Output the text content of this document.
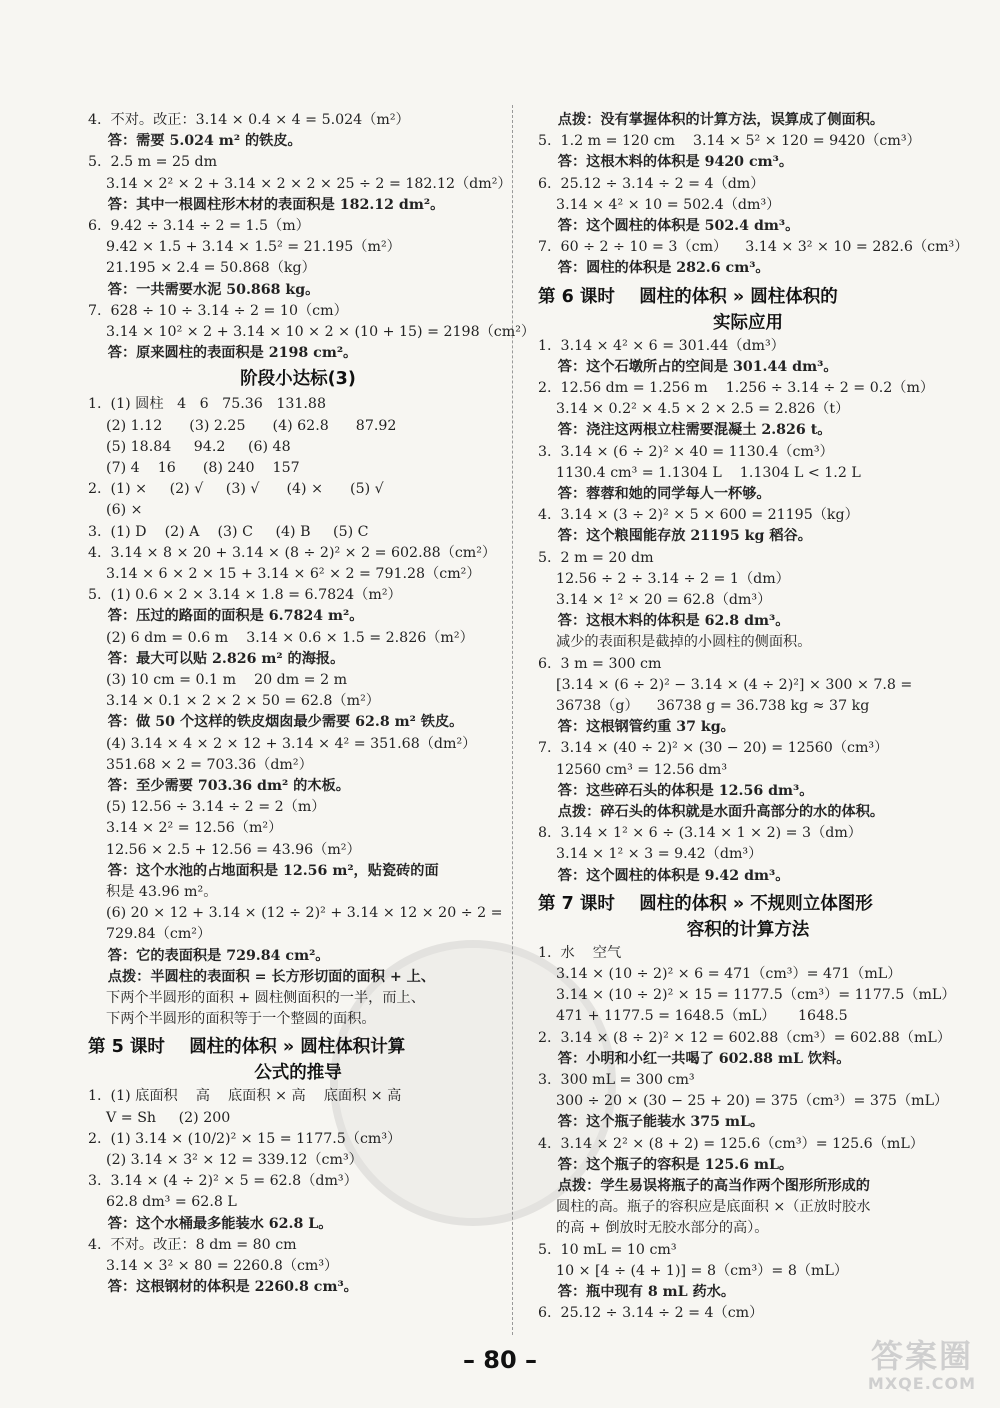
4.  不对。改正：3.14 × 0.4 × 4 = 5.024（m²）
答：需要 5.024 m² 的铁皮。
5.  2.5 m = 25 dm
3.14 × 2² × 2 + 3.14 × 2 × 2 × 25 ÷ 2 = 182.12（dm²）
答：其中一根圆柱形木材的表面积是 182.12 dm²。
6.  9.42 ÷ 3.14 ÷ 2 = 1.5（m）
9.42 × 1.5 + 3.14 × 1.5² = 21.195（m²）
21.195 × 2.4 = 50.868（kg）
答：一共需要水泥 50.868 kg。
7.  628 ÷ 10 ÷ 3.14 ÷ 2 = 10（cm）
3.14 × 10² × 2 + 3.14 × 10 × 2 × (10 + 15) = 2198（cm²）
答：原来圆柱的表面积是 2198 cm²。
阶段小达标(3)
1.  (1) 圆柱   4   6   75.36   131.88
(2) 1.12      (3) 2.25      (4) 62.8      87.92
(5) 18.84     94.2     (6) 48
(7) 4    16      (8) 240    157
2.  (1) ×     (2) √     (3) √      (4) ×      (5) √
(6) ×
3.  (1) D    (2) A    (3) C     (4) B     (5) C
4.  3.14 × 8 × 20 + 3.14 × (8 ÷ 2)² × 2 = 602.88（cm²）
3.14 × 6 × 2 × 15 + 3.14 × 6² × 2 = 791.28（cm²）
5.  (1) 0.6 × 2 × 3.14 × 1.8 = 6.7824（m²）
答：压过的路面的面积是 6.7824 m²。
(2) 6 dm = 0.6 m    3.14 × 0.6 × 1.5 = 2.826（m²）
答：最大可以贴 2.826 m² 的海报。
(3) 10 cm = 0.1 m    20 dm = 2 m
3.14 × 0.1 × 2 × 2 × 50 = 62.8（m²）
答：做 50 个这样的铁皮烟囱最少需要 62.8 m² 铁皮。
(4) 3.14 × 4 × 2 × 12 + 3.14 × 4² = 351.68（dm²）
351.68 × 2 = 703.36（dm²）
答：至少需要 703.36 dm² 的木板。
(5) 12.56 ÷ 3.14 ÷ 2 = 2（m）
3.14 × 2² = 12.56（m²）
12.56 × 2.5 + 12.56 = 43.96（m²）
答：这个水池的占地面积是 12.56 m²，贴瓷砖的面
积是 43.96 m²。
(6) 20 × 12 + 3.14 × (12 ÷ 2)² + 3.14 × 12 × 20 ÷ 2 =
729.84（cm²）
答：它的表面积是 729.84 cm²。
点拨：半圆柱的表面积 = 长方形切面的面积 + 上、
下两个半圆形的面积 + 圆柱侧面积的一半，而上、
下两个半圆形的面积等于一个整圆的面积。
第 5 课时    圆柱的体积 » 圆柱体积计算
公式的推导
1.  (1) 底面积    高    底面积 × 高    底面积 × 高
V = Sh     (2) 200
2.  (1) 3.14 × (10/2)² × 15 = 1177.5（cm³）
(2) 3.14 × 3² × 12 = 339.12（cm³）
3.  3.14 × (4 ÷ 2)² × 5 = 62.8（dm³）
62.8 dm³ = 62.8 L
答：这个水桶最多能装水 62.8 L。
4.  不对。改正：8 dm = 80 cm
3.14 × 3² × 80 = 2260.8（cm³）
答：这根钢材的体积是 2260.8 cm³。
点拨：没有掌握体积的计算方法，误算成了侧面积。
5.  1.2 m = 120 cm    3.14 × 5² × 120 = 9420（cm³）
答：这根木料的体积是 9420 cm³。
6.  25.12 ÷ 3.14 ÷ 2 = 4（dm）
3.14 × 4² × 10 = 502.4（dm³）
答：这个圆柱的体积是 502.4 dm³。
7.  60 ÷ 2 ÷ 10 = 3（cm）    3.14 × 3² × 10 = 282.6（cm³）
答：圆柱的体积是 282.6 cm³。
第 6 课时    圆柱的体积 » 圆柱体积的
实际应用
1.  3.14 × 4² × 6 = 301.44（dm³）
答：这个石墩所占的空间是 301.44 dm³。
2.  12.56 dm = 1.256 m    1.256 ÷ 3.14 ÷ 2 = 0.2（m）
3.14 × 0.2² × 4.5 × 2 × 2.5 = 2.826（t）
答：浇注这两根立柱需要混凝土 2.826 t。
3.  3.14 × (6 ÷ 2)² × 40 = 1130.4（cm³）
1130.4 cm³ = 1.1304 L    1.1304 L < 1.2 L
答：蓉蓉和她的同学每人一杯够。
4.  3.14 × (3 ÷ 2)² × 5 × 600 = 21195（kg）
答：这个粮囤能存放 21195 kg 稻谷。
5.  2 m = 20 dm
12.56 ÷ 2 ÷ 3.14 ÷ 2 = 1（dm）
3.14 × 1² × 20 = 62.8（dm³）
答：这根木料的体积是 62.8 dm³。
减少的表面积是截掉的小圆柱的侧面积。
6.  3 m = 300 cm
[3.14 × (6 ÷ 2)² − 3.14 × (4 ÷ 2)²] × 300 × 7.8 =
36738（g）    36738 g = 36.738 kg ≈ 37 kg
答：这根钢管约重 37 kg。
7.  3.14 × (40 ÷ 2)² × (30 − 20) = 12560（cm³）
12560 cm³ = 12.56 dm³
答：这些碎石头的体积是 12.56 dm³。
点拨：碎石头的体积就是水面升高部分的水的体积。
8.  3.14 × 1² × 6 ÷ (3.14 × 1 × 2) = 3（dm）
3.14 × 1² × 3 = 9.42（dm³）
答：这个圆柱的体积是 9.42 dm³。
第 7 课时    圆柱的体积 » 不规则立体图形
容积的计算方法
1.  水    空气
3.14 × (10 ÷ 2)² × 6 = 471（cm³）= 471（mL）
3.14 × (10 ÷ 2)² × 15 = 1177.5（cm³）= 1177.5（mL）
471 + 1177.5 = 1648.5（mL）     1648.5
2.  3.14 × (8 ÷ 2)² × 12 = 602.88（cm³）= 602.88（mL）
答：小明和小红一共喝了 602.88 mL 饮料。
3.  300 mL = 300 cm³
300 ÷ 20 × (30 − 25 + 20) = 375（cm³）= 375（mL）
答：这个瓶子能装水 375 mL。
4.  3.14 × 2² × (8 + 2) = 125.6（cm³）= 125.6（mL）
答：这个瓶子的容积是 125.6 mL。
点拨：学生易误将瓶子的高当作两个图形所形成的
圆柱的高。瓶子的容积应是底面积 ×（正放时胶水
的高 + 倒放时无胶水部分的高）。
5.  10 mL = 10 cm³
10 × [4 ÷ (4 + 1)] = 8（cm³）= 8（mL）
答：瓶中现有 8 mL 药水。
6.  25.12 ÷ 3.14 ÷ 2 = 4（cm）
– 80 –	答案圈
MXQE.COM
